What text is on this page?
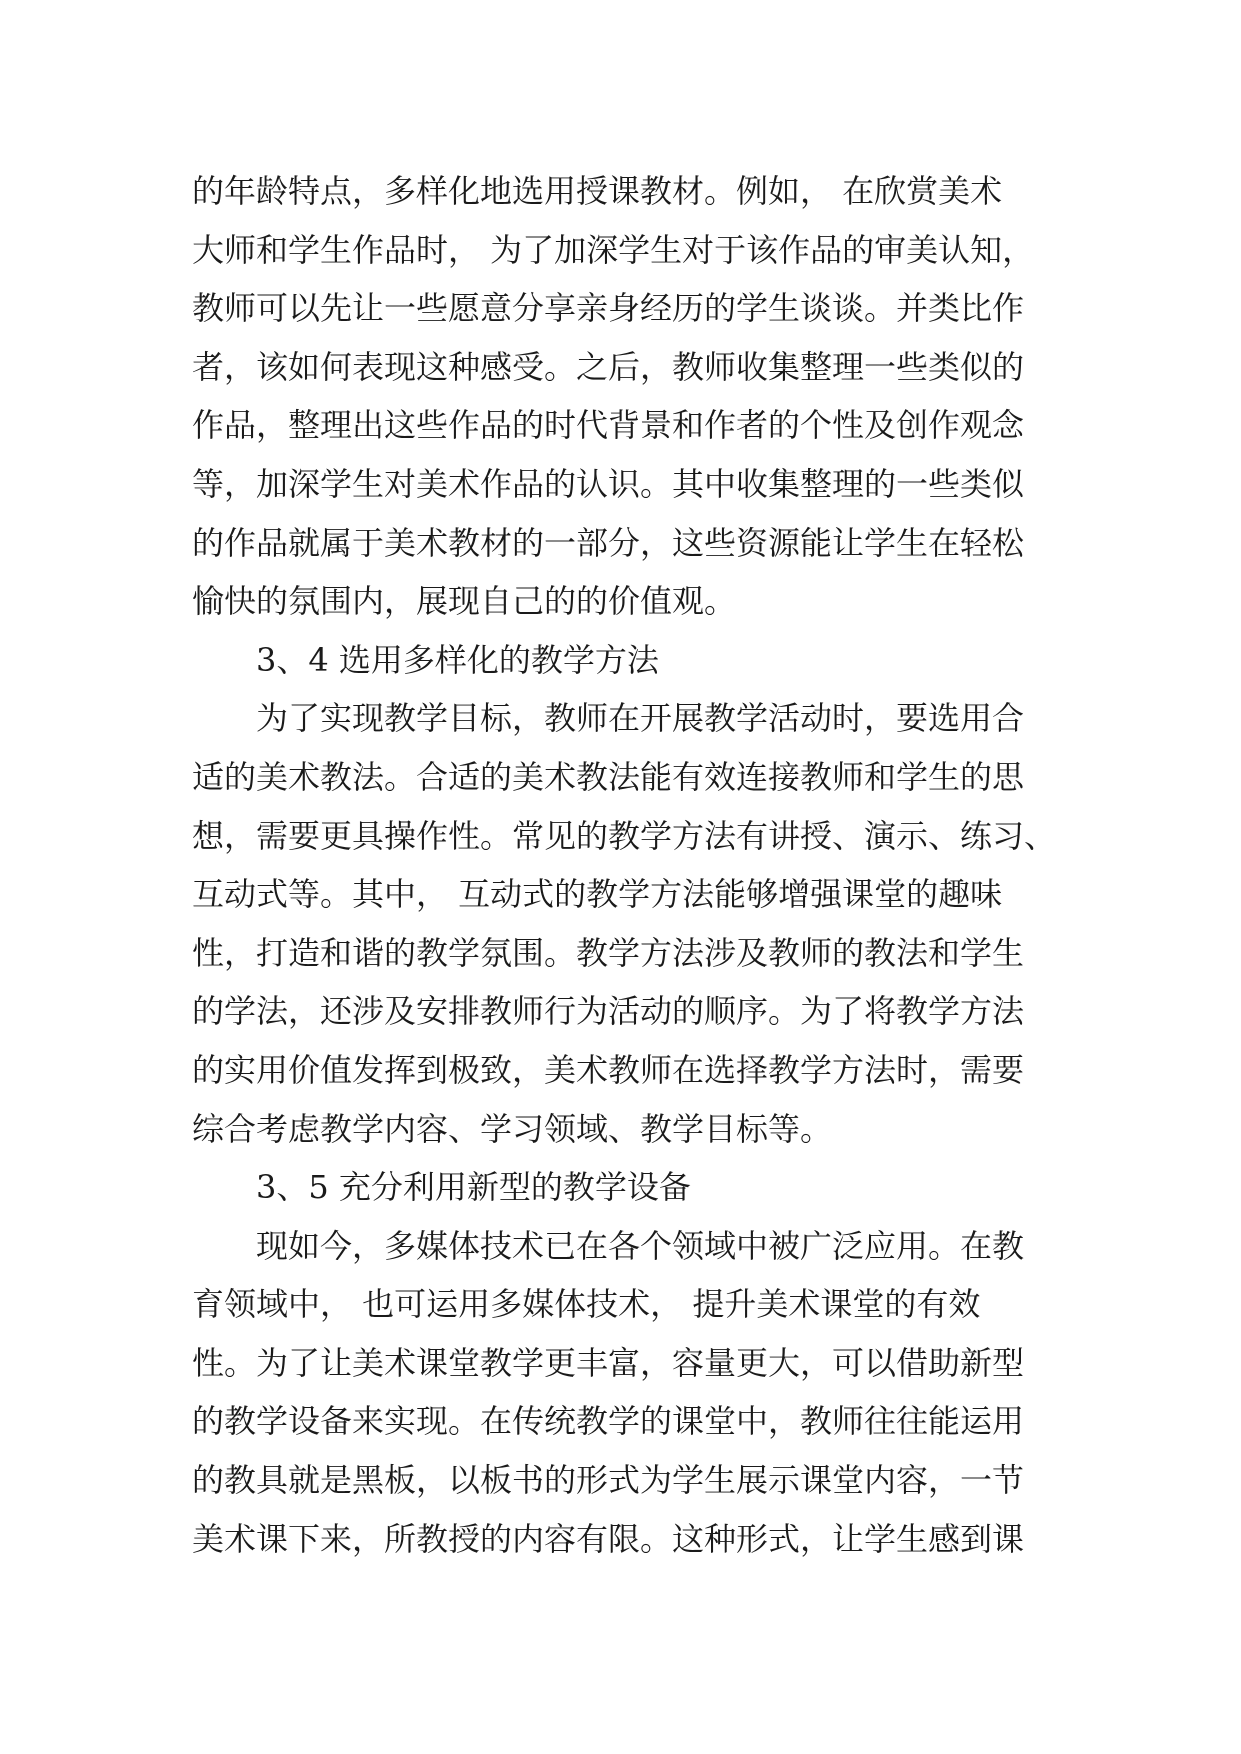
的年龄特点，多样化地选用授课教材。例如， 在欣赏美术
大师和学生作品时， 为了加深学生对于该作品的审美认知，
教师可以先让一些愿意分享亲身经历的学生谈谈。并类比作
者，该如何表现这种感受。之后，教师收集整理一些类似的
作品，整理出这些作品的时代背景和作者的个性及创作观念
等，加深学生对美术作品的认识。其中收集整理的一些类似
的作品就属于美术教材的一部分，这些资源能让学生在轻松
愉快的氛围内，展现自己的的价值观。
3、4 选用多样化的教学方法
为了实现教学目标，教师在开展教学活动时，要选用合
适的美术教法。合适的美术教法能有效连接教师和学生的思
想，需要更具操作性。常见的教学方法有讲授、演示、练习、
互动式等。其中， 互动式的教学方法能够增强课堂的趣味
性，打造和谐的教学氛围。教学方法涉及教师的教法和学生
的学法，还涉及安排教师行为活动的顺序。为了将教学方法
的实用价值发挥到极致，美术教师在选择教学方法时，需要
综合考虑教学内容、学习领域、教学目标等。
3、5 充分利用新型的教学设备
现如今，多媒体技术已在各个领域中被广泛应用。在教
育领域中， 也可运用多媒体技术， 提升美术课堂的有效
性。为了让美术课堂教学更丰富，容量更大，可以借助新型
的教学设备来实现。在传统教学的课堂中，教师往往能运用
的教具就是黑板，以板书的形式为学生展示课堂内容，一节
美术课下来，所教授的内容有限。这种形式，让学生感到课
